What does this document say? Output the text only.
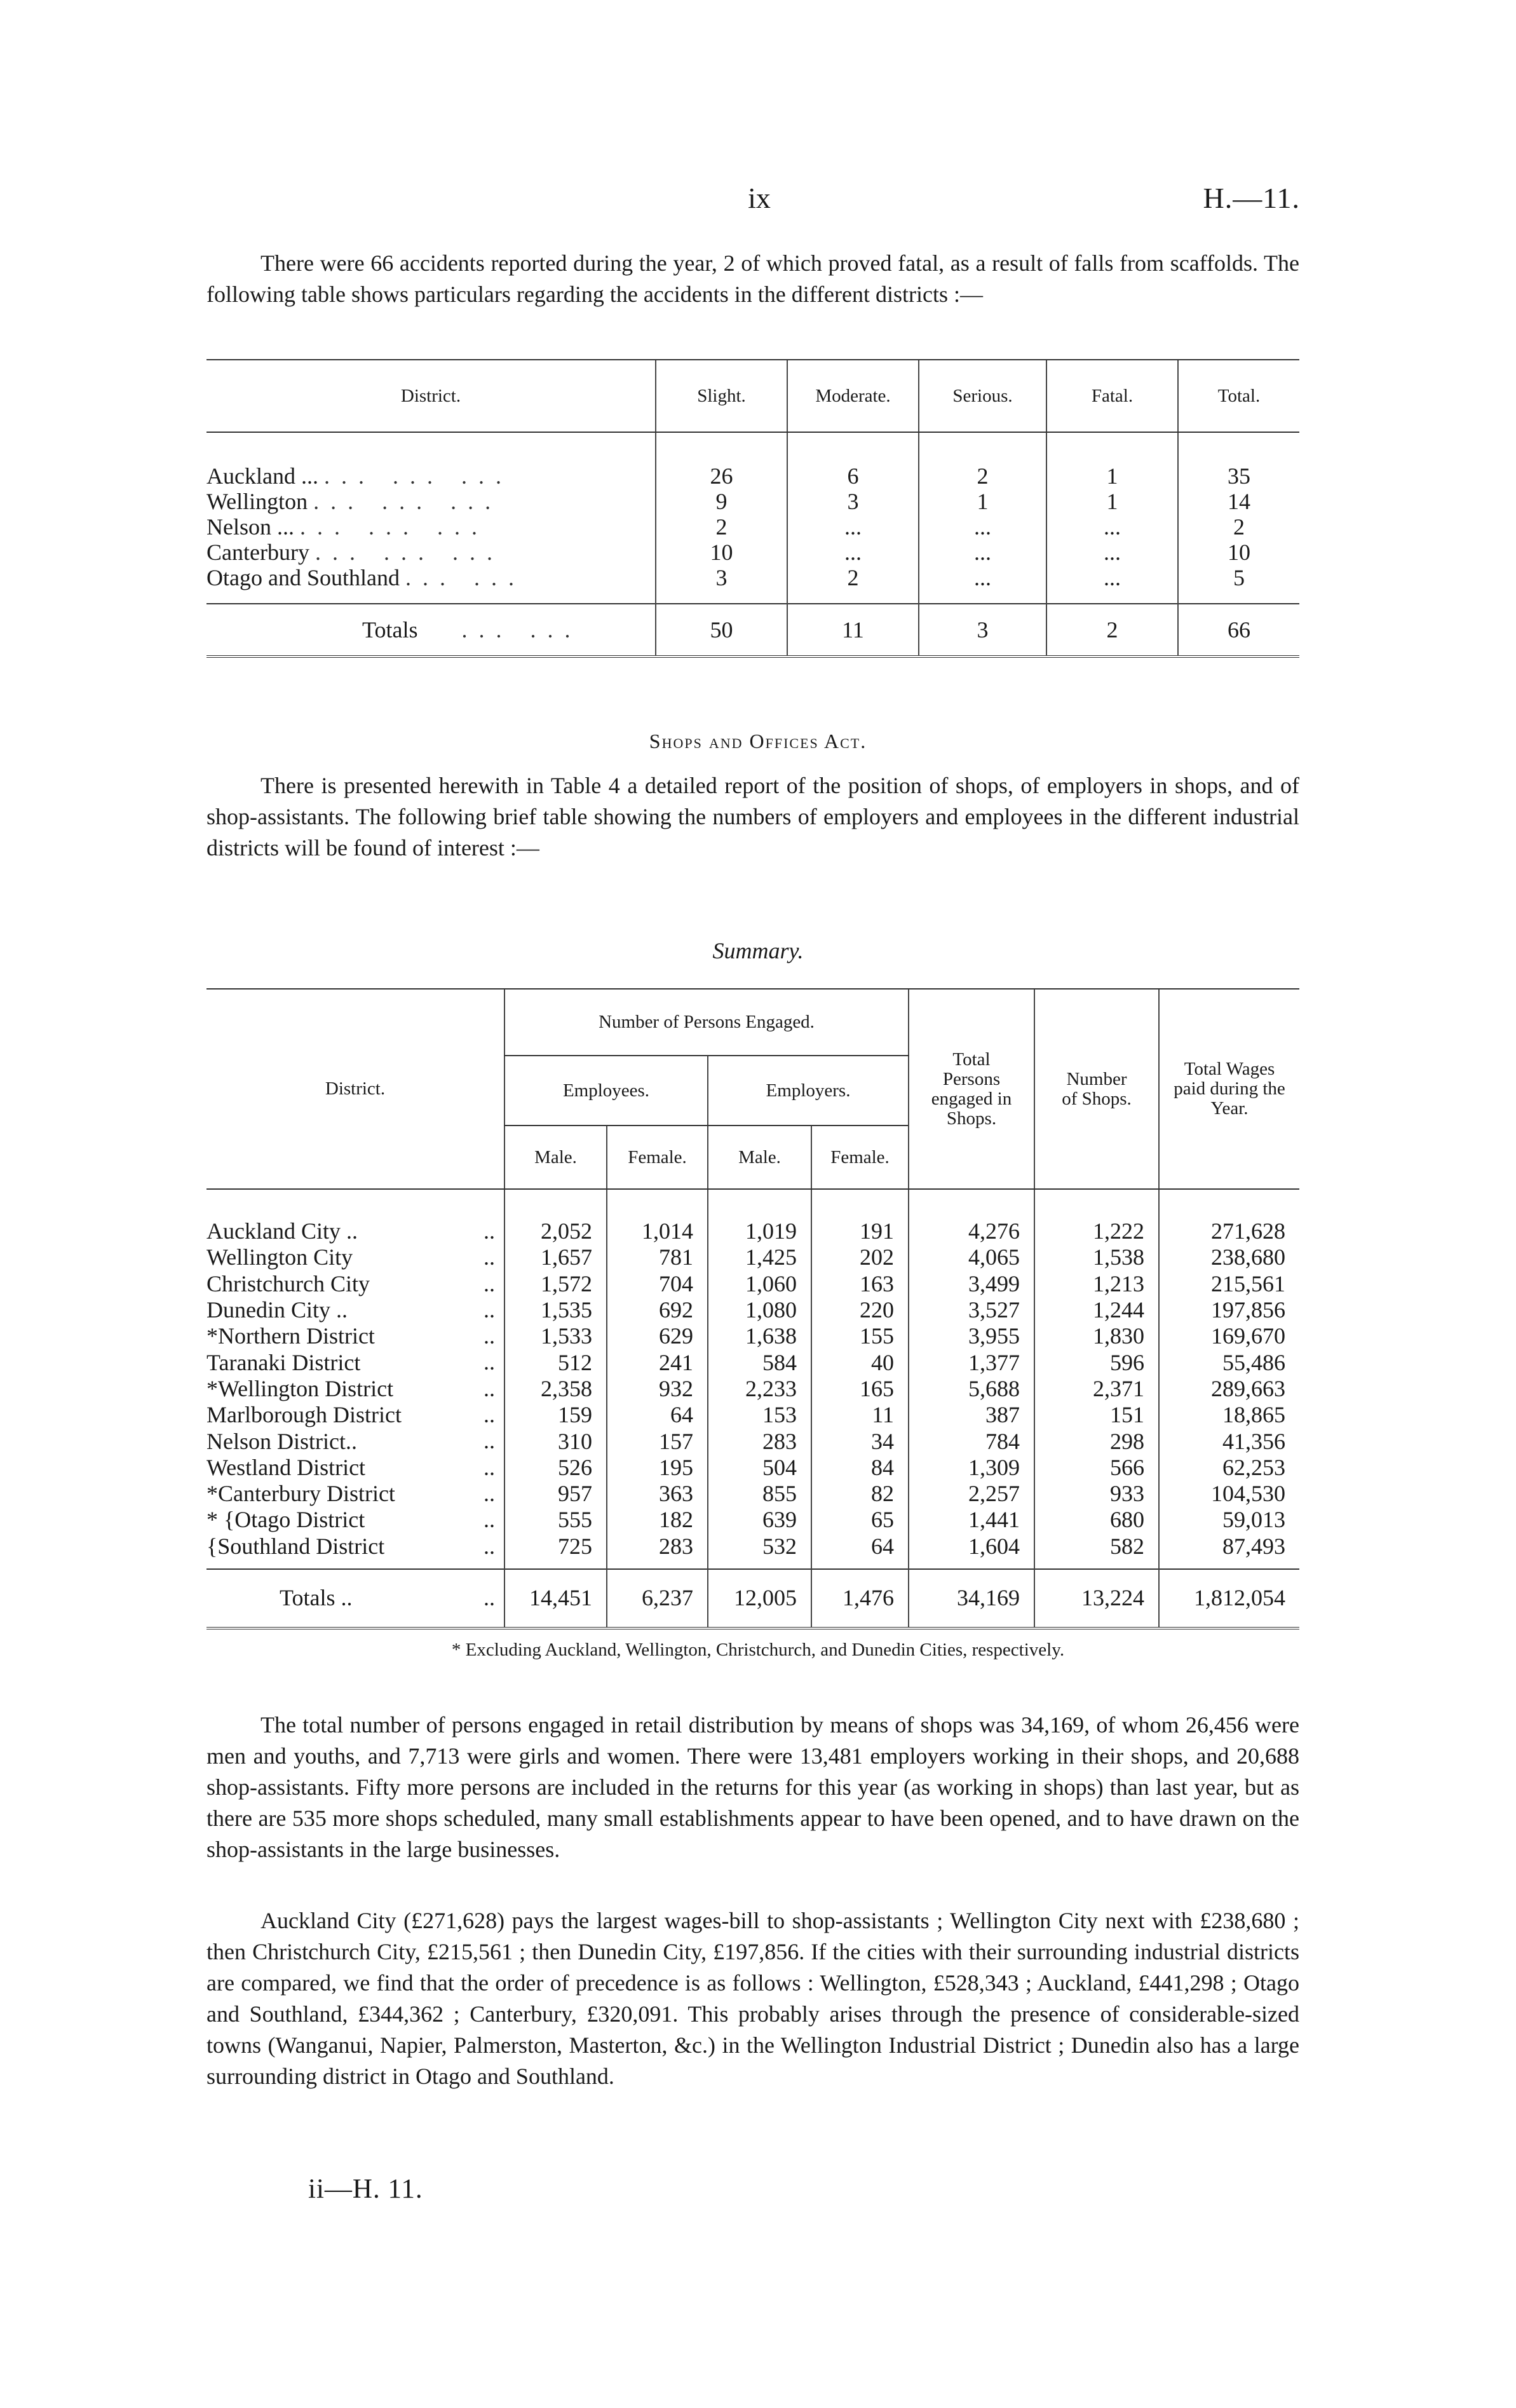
ix	H.—11.

There were 66 accidents reported during the year, 2 of which proved fatal, as a result of falls from scaffolds. The following table shows particulars regarding the accidents in the different districts :—

District.	Slight.	Moderate.	Serious.	Fatal.	Total.
Auckland ... ... ... ...	26	6	2	1	35
Wellington ... ... ...	9	3	1	1	14
Nelson ... ... ... ...	2	...	...	...	2
Canterbury ... ... ...	10	...	...	...	10
Otago and Southland ... ...	3	2	...	...	5
Totals ... ...	50	11	3	2	66
Shops and Offices Act.

There is presented herewith in Table 4 a detailed report of the position of shops, of employers in shops, and of shop-assistants. The following brief table showing the numbers of employers and employees in the different industrial districts will be found of interest :—

Summary.
District.	Number of Persons Engaged.				Total Persons engaged in Shops.	Number of Shops.	Total Wages paid during the Year.

	Employees.		Employers.				
	Male.	Female.	Male.	Female.			
Auckland City .. ..	2,052	1,014	1,019	191	4,276	1,222	271,628
Wellington City ..	1,657	781	1,425	202	4,065	1,538	238,680
Christchurch City ..	1,572	704	1,060	163	3,499	1,213	215,561
Dunedin City .. ..	1,535	692	1,080	220	3,527	1,244	197,856
*Northern District ..	1,533	629	1,638	155	3,955	1,830	169,670
Taranaki District ..	512	241	584	40	1,377	596	55,486
*Wellington District ..	2,358	932	2,233	165	5,688	2,371	289,663
Marlborough District ..	159	64	153	11	387	151	18,865
Nelson District.. ..	310	157	283	34	784	298	41,356
Westland District ..	526	195	504	84	1,309	566	62,253
*Canterbury District ..	957	363	855	82	2,257	933	104,530
* {Otago District ..	555	182	639	65	1,441	680	59,013
{Southland District ..	725	283	532	64	1,604	582	87,493
Totals .. ..	14,451	6,237	12,005	1,476	34,169	13,224	1,812,054
* Excluding Auckland, Wellington, Christchurch, and Dunedin Cities, respectively.

The total number of persons engaged in retail distribution by means of shops was 34,169, of whom 26,456 were men and youths, and 7,713 were girls and women. There were 13,481 employers working in their shops, and 20,688 shop-assistants. Fifty more persons are included in the returns for this year (as working in shops) than last year, but as there are 535 more shops scheduled, many small establishments appear to have been opened, and to have drawn on the shop-assistants in the large businesses.

Auckland City (£271,628) pays the largest wages-bill to shop-assistants ; Wellington City next with £238,680 ; then Christchurch City, £215,561 ; then Dunedin City, £197,856. If the cities with their surrounding industrial districts are compared, we find that the order of precedence is as follows : Wellington, £528,343 ; Auckland, £441,298 ; Otago and Southland, £344,362 ; Canterbury, £320,091. This probably arises through the presence of considerable-sized towns (Wanganui, Napier, Palmerston, Masterton, &c.) in the Wellington Industrial District ; Dunedin also has a large surrounding district in Otago and Southland.

ii—H. 11.
